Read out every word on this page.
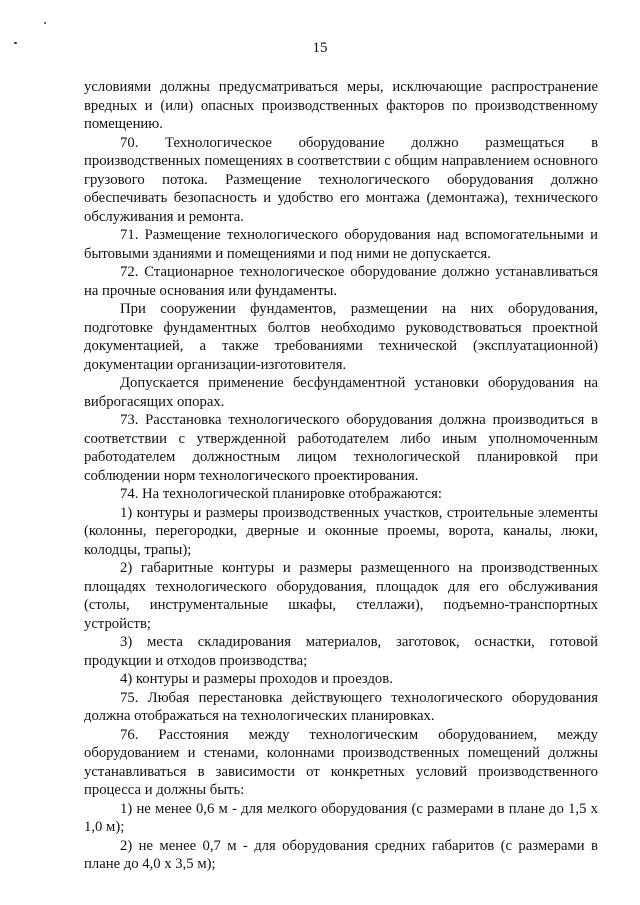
15

условиями должны предусматриваться меры, исключающие распространение вредных и (или) опасных производственных факторов по производственному помещению.

70. Технологическое оборудование должно размещаться в производственных помещениях в соответствии с общим направлением основного грузового потока. Размещение технологического оборудования должно обеспечивать безопасность и удобство его монтажа (демонтажа), технического обслуживания и ремонта.

71. Размещение технологического оборудования над вспомогательными и бытовыми зданиями и помещениями и под ними не допускается.

72. Стационарное технологическое оборудование должно устанавливаться на прочные основания или фундаменты.

При сооружении фундаментов, размещении на них оборудования, подготовке фундаментных болтов необходимо руководствоваться проектной документацией, а также требованиями технической (эксплуатационной) документации организации-изготовителя.

Допускается применение бесфундаментной установки оборудования на виброгасящих опорах.

73. Расстановка технологического оборудования должна производиться в соответствии с утвержденной работодателем либо иным уполномоченным работодателем должностным лицом технологической планировкой при соблюдении норм технологического проектирования.

74. На технологической планировке отображаются:

1) контуры и размеры производственных участков, строительные элементы (колонны, перегородки, дверные и оконные проемы, ворота, каналы, люки, колодцы, трапы);

2) габаритные контуры и размеры размещенного на производственных площадях технологического оборудования, площадок для его обслуживания (столы, инструментальные шкафы, стеллажи), подъемно-транспортных устройств;

3) места складирования материалов, заготовок, оснастки, готовой продукции и отходов производства;

4) контуры и размеры проходов и проездов.

75. Любая перестановка действующего технологического оборудования должна отображаться на технологических планировках.

76. Расстояния между технологическим оборудованием, между оборудованием и стенами, колоннами производственных помещений должны устанавливаться в зависимости от конкретных условий производственного процесса и должны быть:

1) не менее 0,6 м - для мелкого оборудования (с размерами в плане до 1,5 x 1,0 м);

2) не менее 0,7 м - для оборудования средних габаритов (с размерами в плане до 4,0 x 3,5 м);
